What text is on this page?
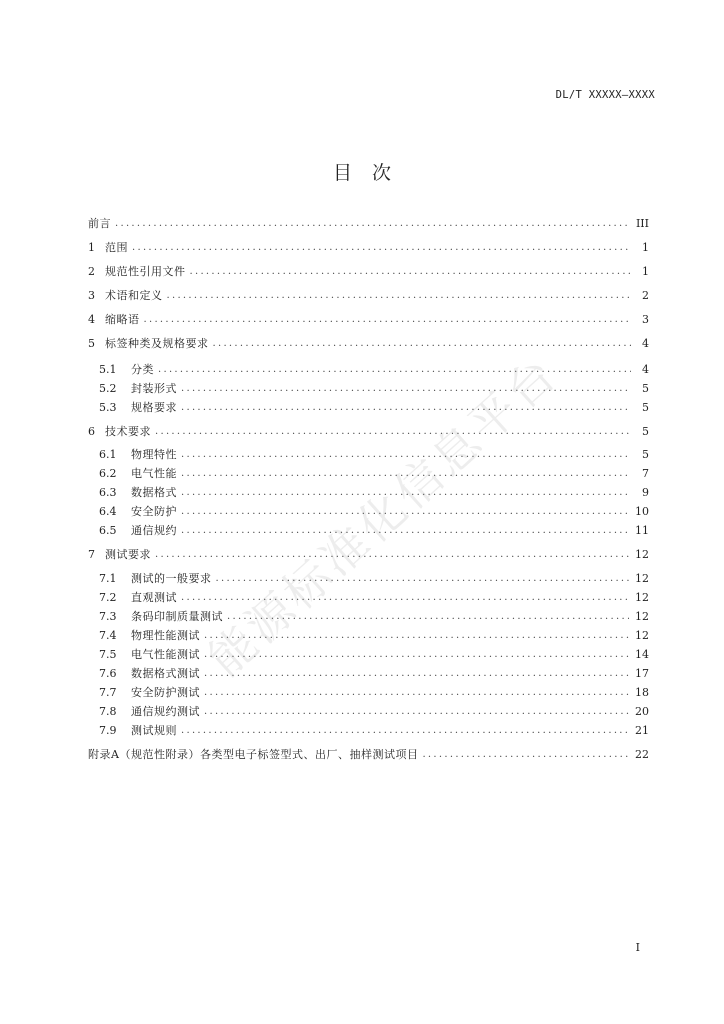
DL/T XXXXX—XXXX
目 次
前言 .....	III
1 范围 .....	1
2 规范性引用文件 .....	1
3 术语和定义 .....	2
4 缩略语 .....	3
5 标签种类及规格要求 .....	4
5.1	分类 .....	4
5.2	封装形式 .....	5
5.3	规格要求 .....	5
6 技术要求 .....	5
6.1	物理特性 .....	5
6.2	电气性能 .....	7
6.3	数据格式 .....	9
6.4	安全防护 .....	10
6.5	通信规约 .....	11
7 测试要求 .....	12
7.1	测试的一般要求 .....	12
7.2	直观测试 .....	12
7.3	条码印制质量测试 .....	12
7.4	物理性能测试 .....	12
7.5	电气性能测试 .....	14
7.6	数据格式测试 .....	17
7.7	安全防护测试 .....	18
7.8	通信规约测试 .....	20
7.9	测试规则 .....	21
附录A（规范性附录）各类型电子标签型式、出厂、抽样测试项目 .....	22
能源标准化信息平台
I
